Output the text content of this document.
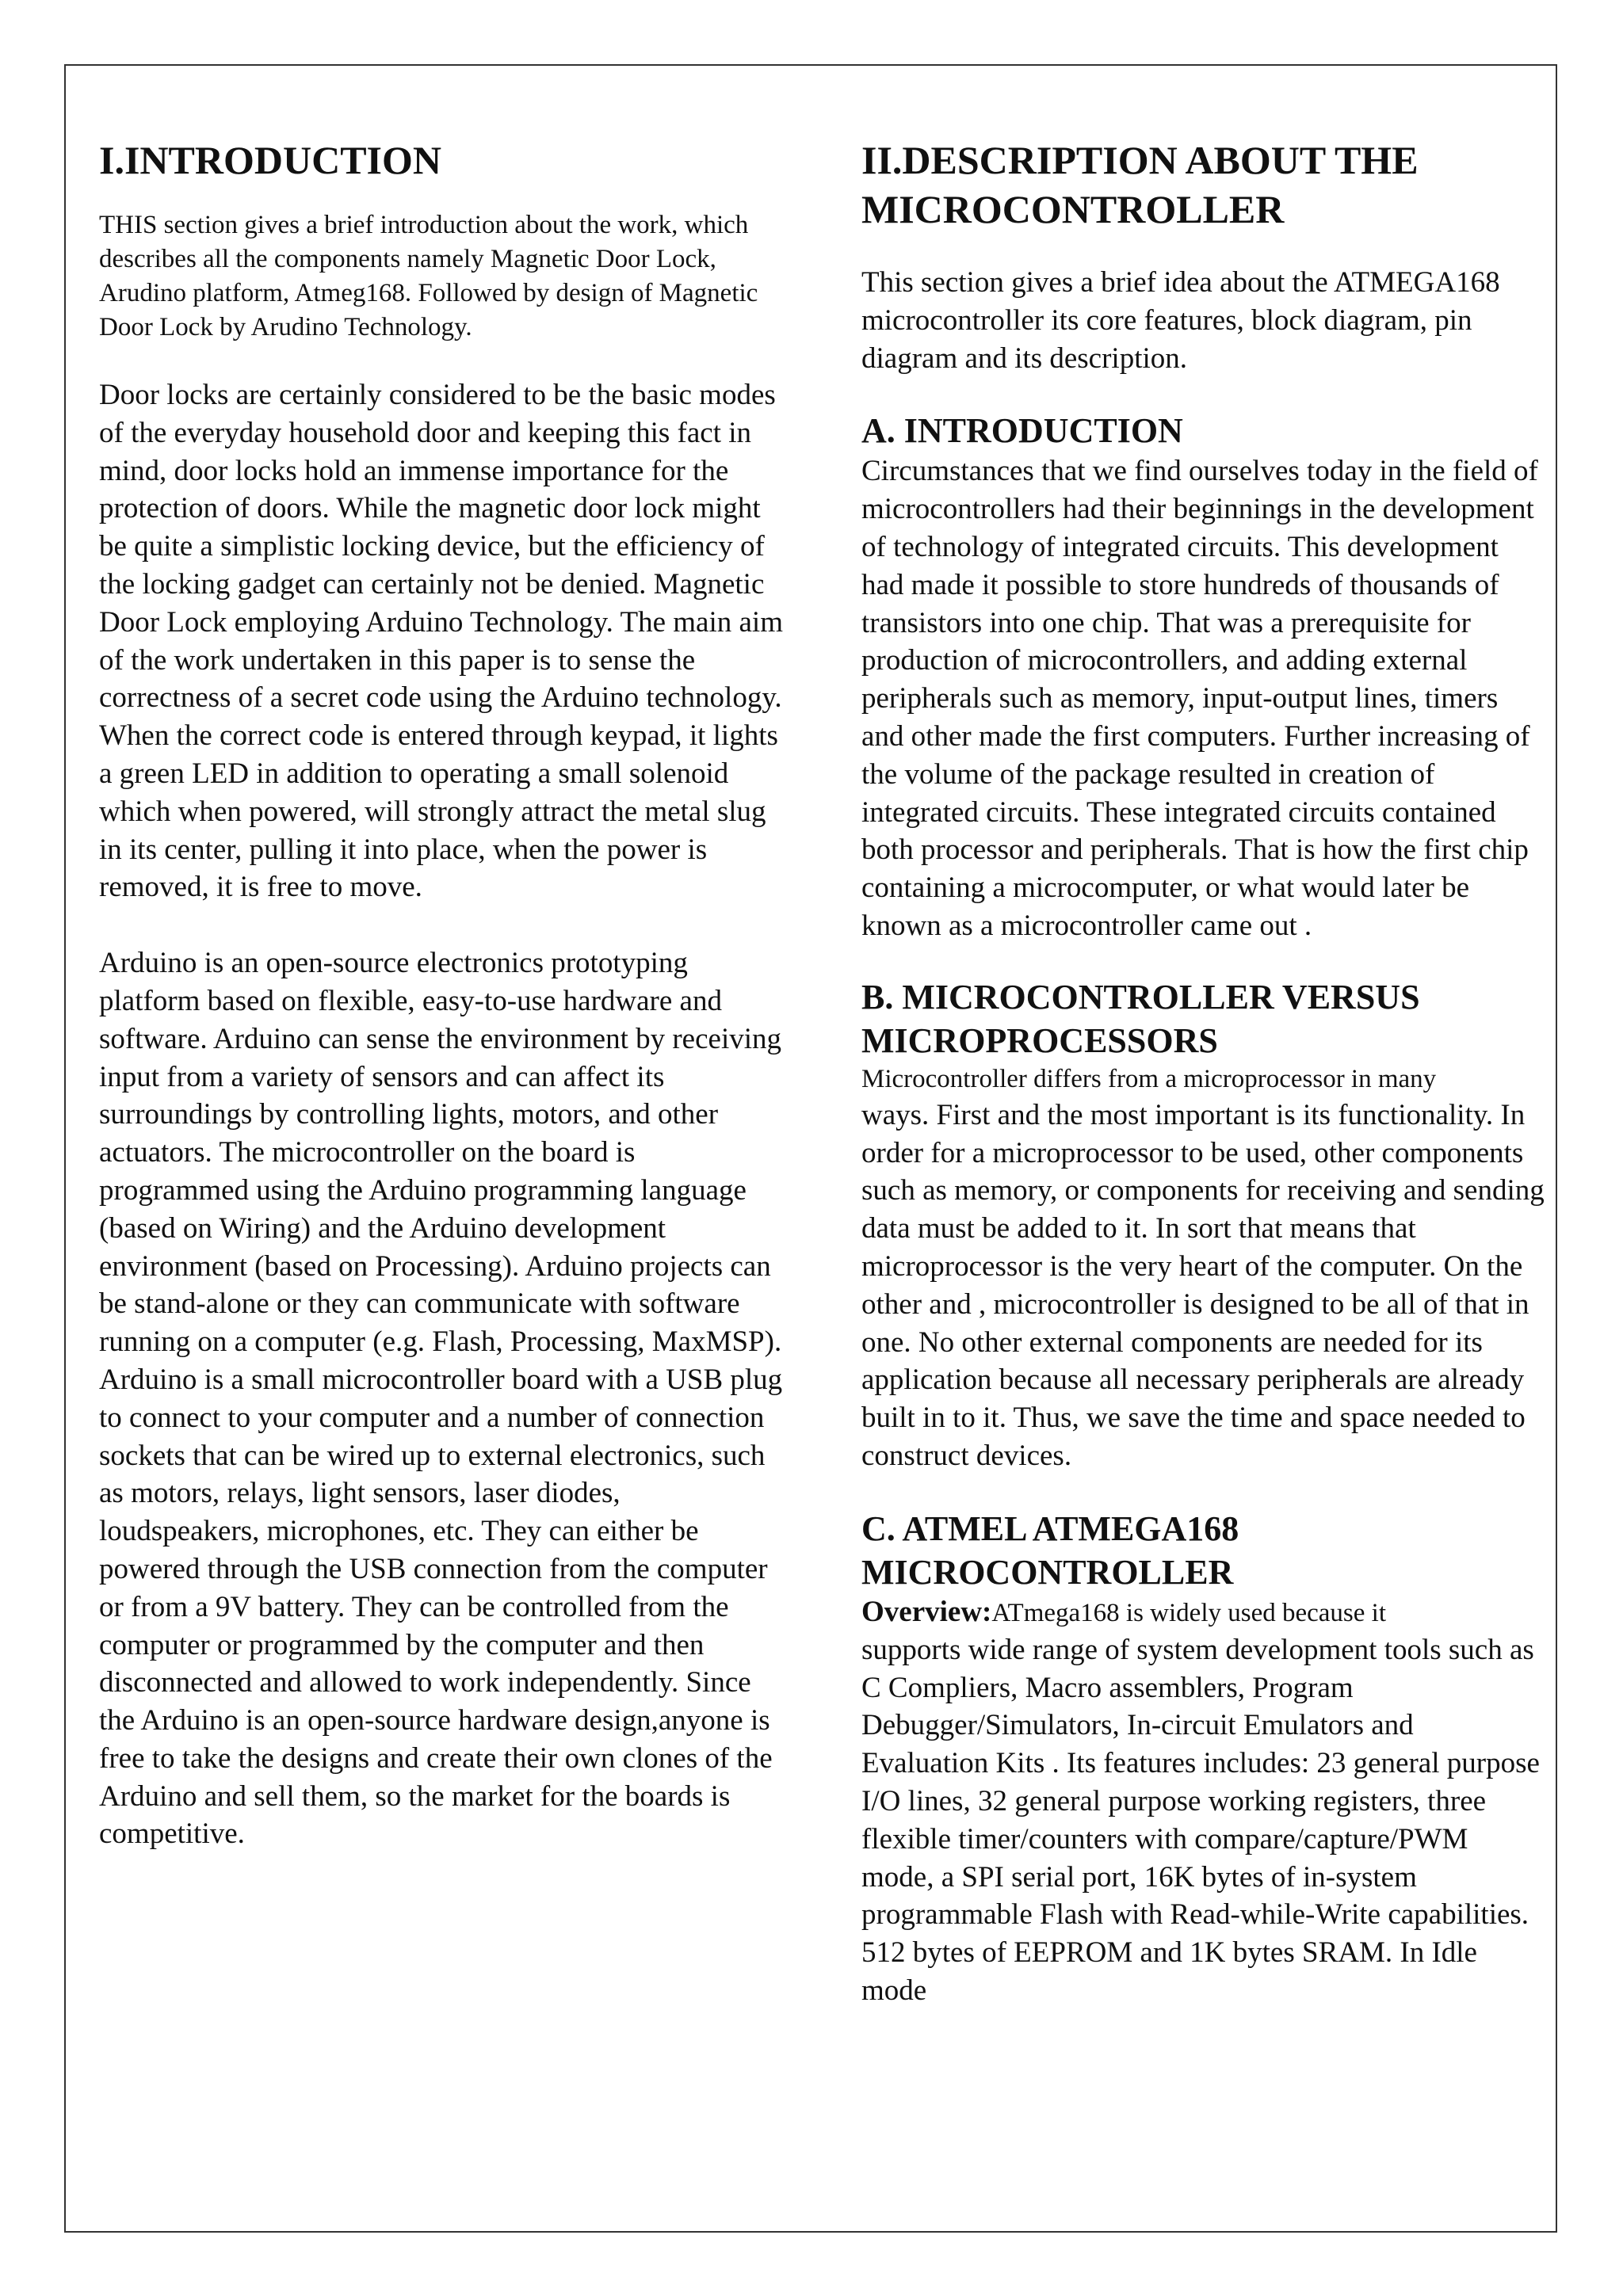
I.INTRODUCTION

THIS section gives a brief introduction about the work, which describes all the components namely Magnetic Door Lock, Arudino platform, Atmeg168. Followed by design of Magnetic Door Lock by Arudino Technology.

Door locks are certainly considered to be the basic modes of the everyday household door and keeping this fact in mind, door locks hold an immense importance for the protection of doors. While the magnetic door lock might be quite a simplistic locking device, but the efficiency of the locking gadget can certainly not be denied. Magnetic Door Lock employing Arduino Technology. The main aim of the work undertaken in this paper is to sense the correctness of a secret code using the Arduino technology. When the correct code is entered through keypad, it lights a green LED in addition to operating a small solenoid which when powered, will strongly attract the metal slug in its center, pulling it into place, when the power is removed, it is free to move.

Arduino is an open-source electronics prototyping platform based on flexible, easy-to-use hardware and software. Arduino can sense the environment by receiving input from a variety of sensors and can affect its surroundings by controlling lights, motors, and other actuators. The microcontroller on the board is programmed using the Arduino programming language (based on Wiring) and the Arduino development environment (based on Processing). Arduino projects can be stand-alone or they can communicate with software running on a computer (e.g. Flash, Processing, MaxMSP).

Arduino is a small microcontroller board with a USB plug to connect to your computer and a number of connection sockets that can be wired up to external electronics, such as motors, relays, light sensors, laser diodes, loudspeakers, microphones, etc. They can either be powered through the USB connection from the computer or from a 9V battery. They can be controlled from the computer or programmed by the computer and then disconnected and allowed to work independently. Since the Arduino is an open-source hardware design,anyone is free to take the designs and create their own clones of the Arduino and sell them, so the market for the boards is competitive.

II.DESCRIPTION ABOUT THE MICROCONTROLLER

This section gives a brief idea about the ATMEGA168 microcontroller its core features, block diagram, pin diagram and its description.

A. INTRODUCTION

Circumstances that we find ourselves today in the field of microcontrollers had their beginnings in the development of technology of integrated circuits. This development had made it possible to store hundreds of thousands of transistors into one chip. That was a prerequisite for production of microcontrollers, and adding external peripherals such as memory, input-output lines, timers and other made the first computers. Further increasing of the volume of the package resulted in creation of integrated circuits. These integrated circuits contained both processor and peripherals. That is how the first chip containing a microcomputer, or what would later be known as a microcontroller came out .

B. MICROCONTROLLER VERSUS MICROPROCESSORS

Microcontroller differs from a microprocessor in many

ways. First and the most important is its functionality. In order for a microprocessor to be used, other components such as memory, or components for receiving and sending data must be added to it. In sort that means that microprocessor is the very heart of the computer. On the other and , microcontroller is designed to be all of that in one. No other external components are needed for its application because all necessary peripherals are already built in to it. Thus, we save the time and space needed to construct devices.

C. ATMEL ATMEGA168 MICROCONTROLLER

Overview:ATmega168 is widely used because it

supports wide range of system development tools such as C Compliers, Macro assemblers, Program Debugger/Simulators, In-circuit Emulators and Evaluation Kits . Its features includes: 23 general purpose I/O lines, 32 general purpose working registers, three flexible timer/counters with compare/capture/PWM mode, a SPI serial port, 16K bytes of in-system programmable Flash with Read-while-Write capabilities. 512 bytes of EEPROM and 1K bytes SRAM. In Idle mode
